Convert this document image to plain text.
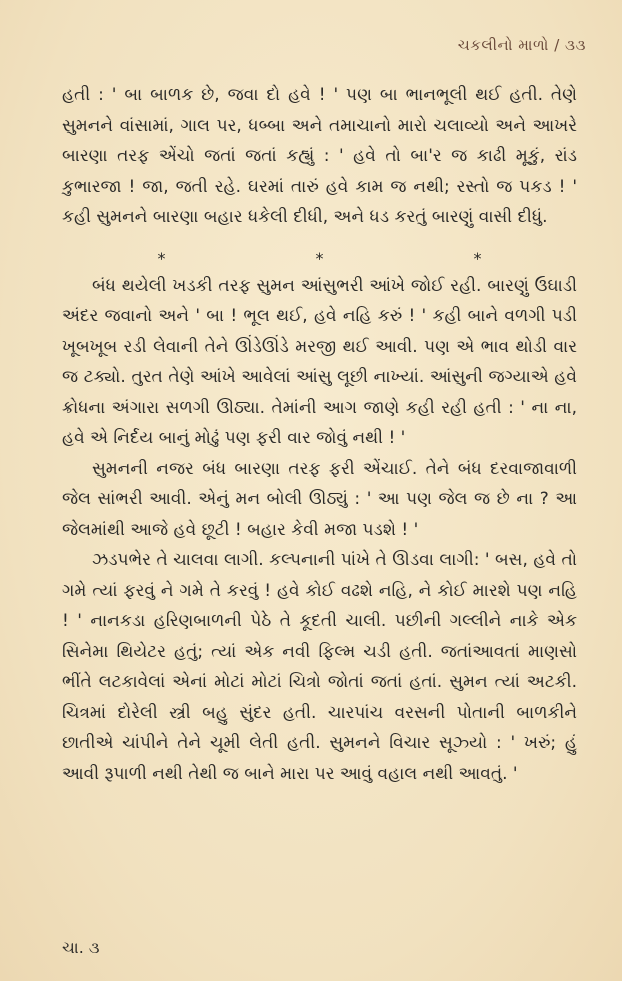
ચકલીનો માળો / ૩૩

હતી : ' બા બાળક છે, જવા દો હવે ! ' પણ બા ભાનભૂલી થઈ હતી. તેણે સુમનને વાંસામાં, ગાલ પર, ધબ્બા અને તમાચાનો મારો ચલાવ્યો અને આખરે બારણા તરફ એંચો જતાં જતાં કહ્યું : ' હવે તો બા'ર જ કાઢી મૂકું, રાંડ કુભારજા ! જા, જતી રહે. ઘરમાં તારું હવે કામ જ નથી; રસ્તો જ પકડ ! ' કહી સુમનને બારણા બહાર ધકેલી દીધી, અને ધડ કરતું બારણું વાસી દીધું.

*	*	*

બંધ થયેલી ખડકી તરફ સુમન આંસુભરી આંખે જોઈ રહી. બારણું ઉઘાડી અંદર જવાનો અને ' બા ! ભૂલ થઈ, હવે નહિ કરું ! ' કહી બાને વળગી પડી ખૂબખૂબ રડી લેવાની તેને ઊંડેઊંડે મરજી થઈ આવી. પણ એ ભાવ થોડી વાર જ ટક્યો. તુરત તેણે આંખે આવેલાં આંસુ લૂછી નાખ્યાં. આંસુની જગ્યાએ હવે ક્રોધના અંગારા સળગી ઊઠ્યા. તેમાંની આગ જાણે કહી રહી હતી : ' ના ના, હવે એ નિર્દય બાનું મોઢું પણ ફરી વાર જોવું નથી ! '

સુમનની નજર બંધ બારણા તરફ ફરી એંચાઈ. તેને બંધ દરવાજાવાળી જેલ સાંભરી આવી. એનું મન બોલી ઊઠ્યું : ' આ પણ જેલ જ છે ના ? આ જેલમાંથી આજે હવે છૂટી ! બહાર કેવી મજા પડશે ! '

ઝડપભેર તે ચાલવા લાગી. કલ્પનાની પાંખે તે ઊડવા લાગી: ' બસ, હવે તો ગમે ત્યાં ફરવું ને ગમે તે કરવું ! હવે કોઈ વઢશે નહિ, ને કોઈ મારશે પણ નહિ ! ' નાનકડા હરિણબાળની પેઠે તે કૂદતી ચાલી. પછીની ગલ્લીને નાકે એક સિનેમા થિયેટર હતું; ત્યાં એક નવી ફિલ્મ ચડી હતી. જતાંઆવતાં માણસો ભીંતે લટકાવેલાં એનાં મોટાં મોટાં ચિત્રો જોતાં જતાં હતાં. સુમન ત્યાં અટકી. ચિત્રમાં દોરેલી સ્ત્રી બહુ સુંદર હતી. ચારપાંચ વરસની પોતાની બાળકીને છાતીએ ચાંપીને તેને ચૂમી લેતી હતી. સુમનને વિચાર સૂઝ્યો : ' ખરું; હું આવી રૂપાળી નથી તેથી જ બાને મારા પર આવું વહાલ નથી આવતું. '

ચા. ૩
